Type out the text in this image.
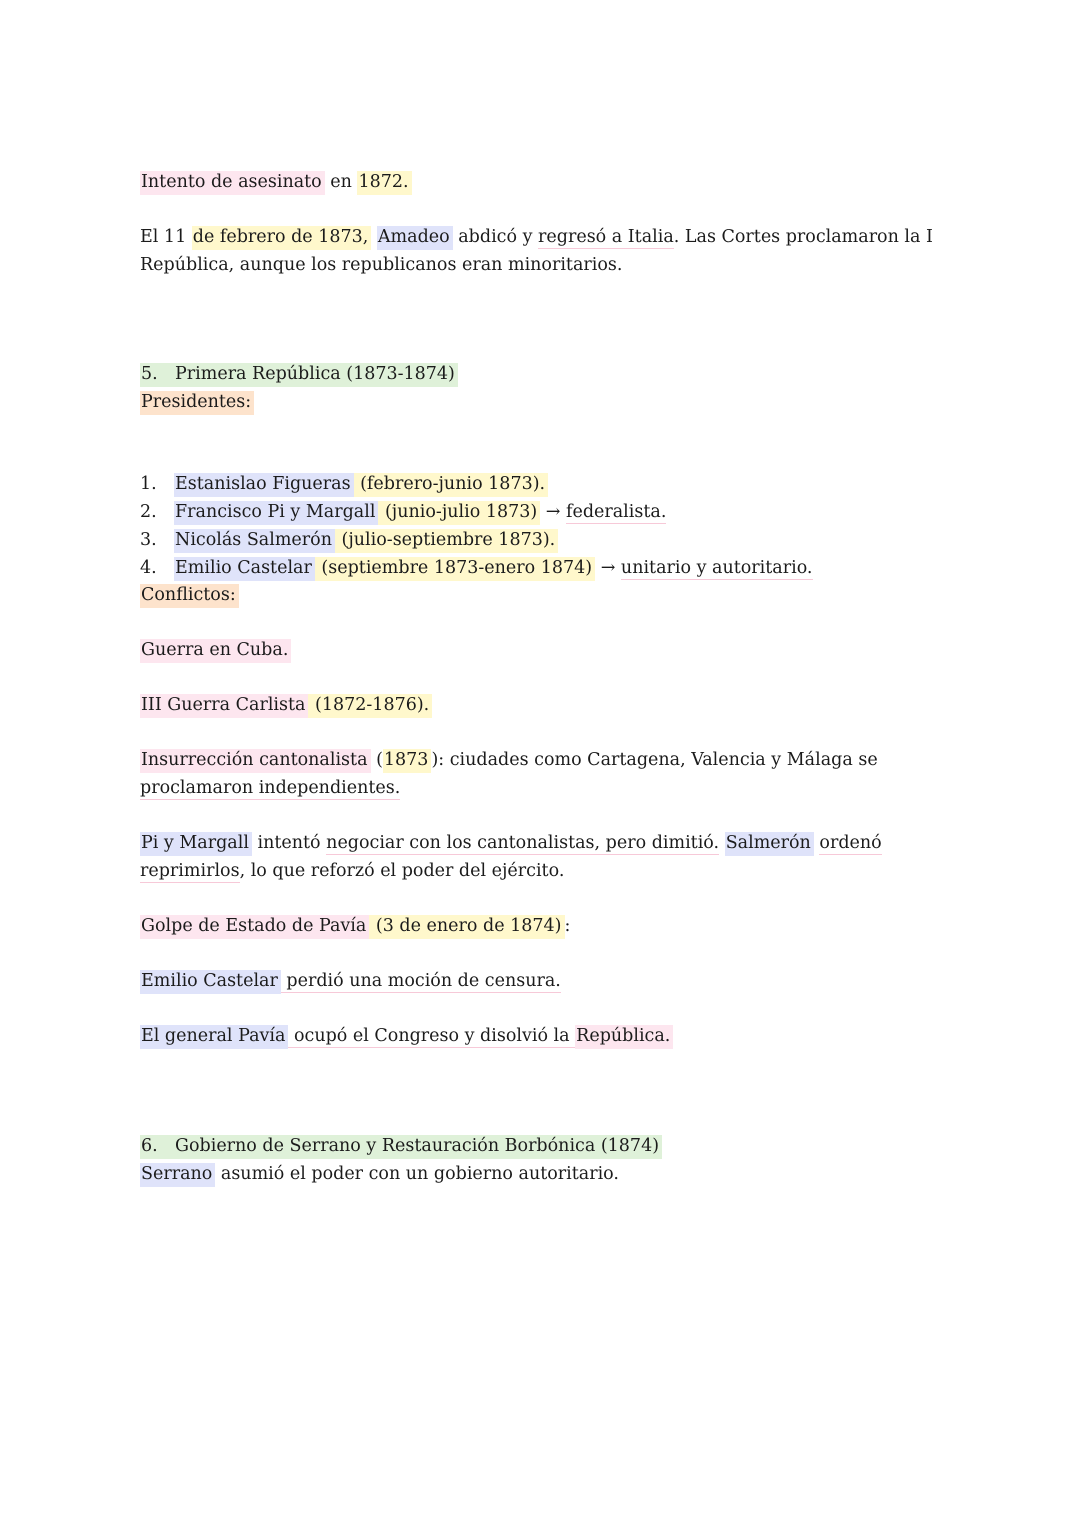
Intento de asesinato en 1872.

El 11 de febrero de 1873, Amadeo abdicó y regresó a Italia. Las Cortes proclamaron la I República, aunque los republicanos eran minoritarios.

5. Primera República (1873-1874)

Presidentes:

1. Estanislao Figueras (febrero-junio 1873).
2. Francisco Pi y Margall (junio-julio 1873) → federalista.
3. Nicolás Salmerón (julio-septiembre 1873).
4. Emilio Castelar (septiembre 1873-enero 1874) → unitario y autoritario.

Conflictos:

Guerra en Cuba.

III Guerra Carlista (1872-1876).

Insurrección cantonalista (1873 ): ciudades como Cartagena, Valencia y Málaga se proclamaron independientes.

Pi y Margall intentó negociar con los cantonalistas, pero dimitió. Salmerón ordenó reprimirlos, lo que reforzó el poder del ejército.

Golpe de Estado de Pavía (3 de enero de 1874) :

Emilio Castelar perdió una moción de censura.

El general Pavía ocupó el Congreso y disolvió la República.

6. Gobierno de Serrano y Restauración Borbónica (1874)

Serrano asumió el poder con un gobierno autoritario.
